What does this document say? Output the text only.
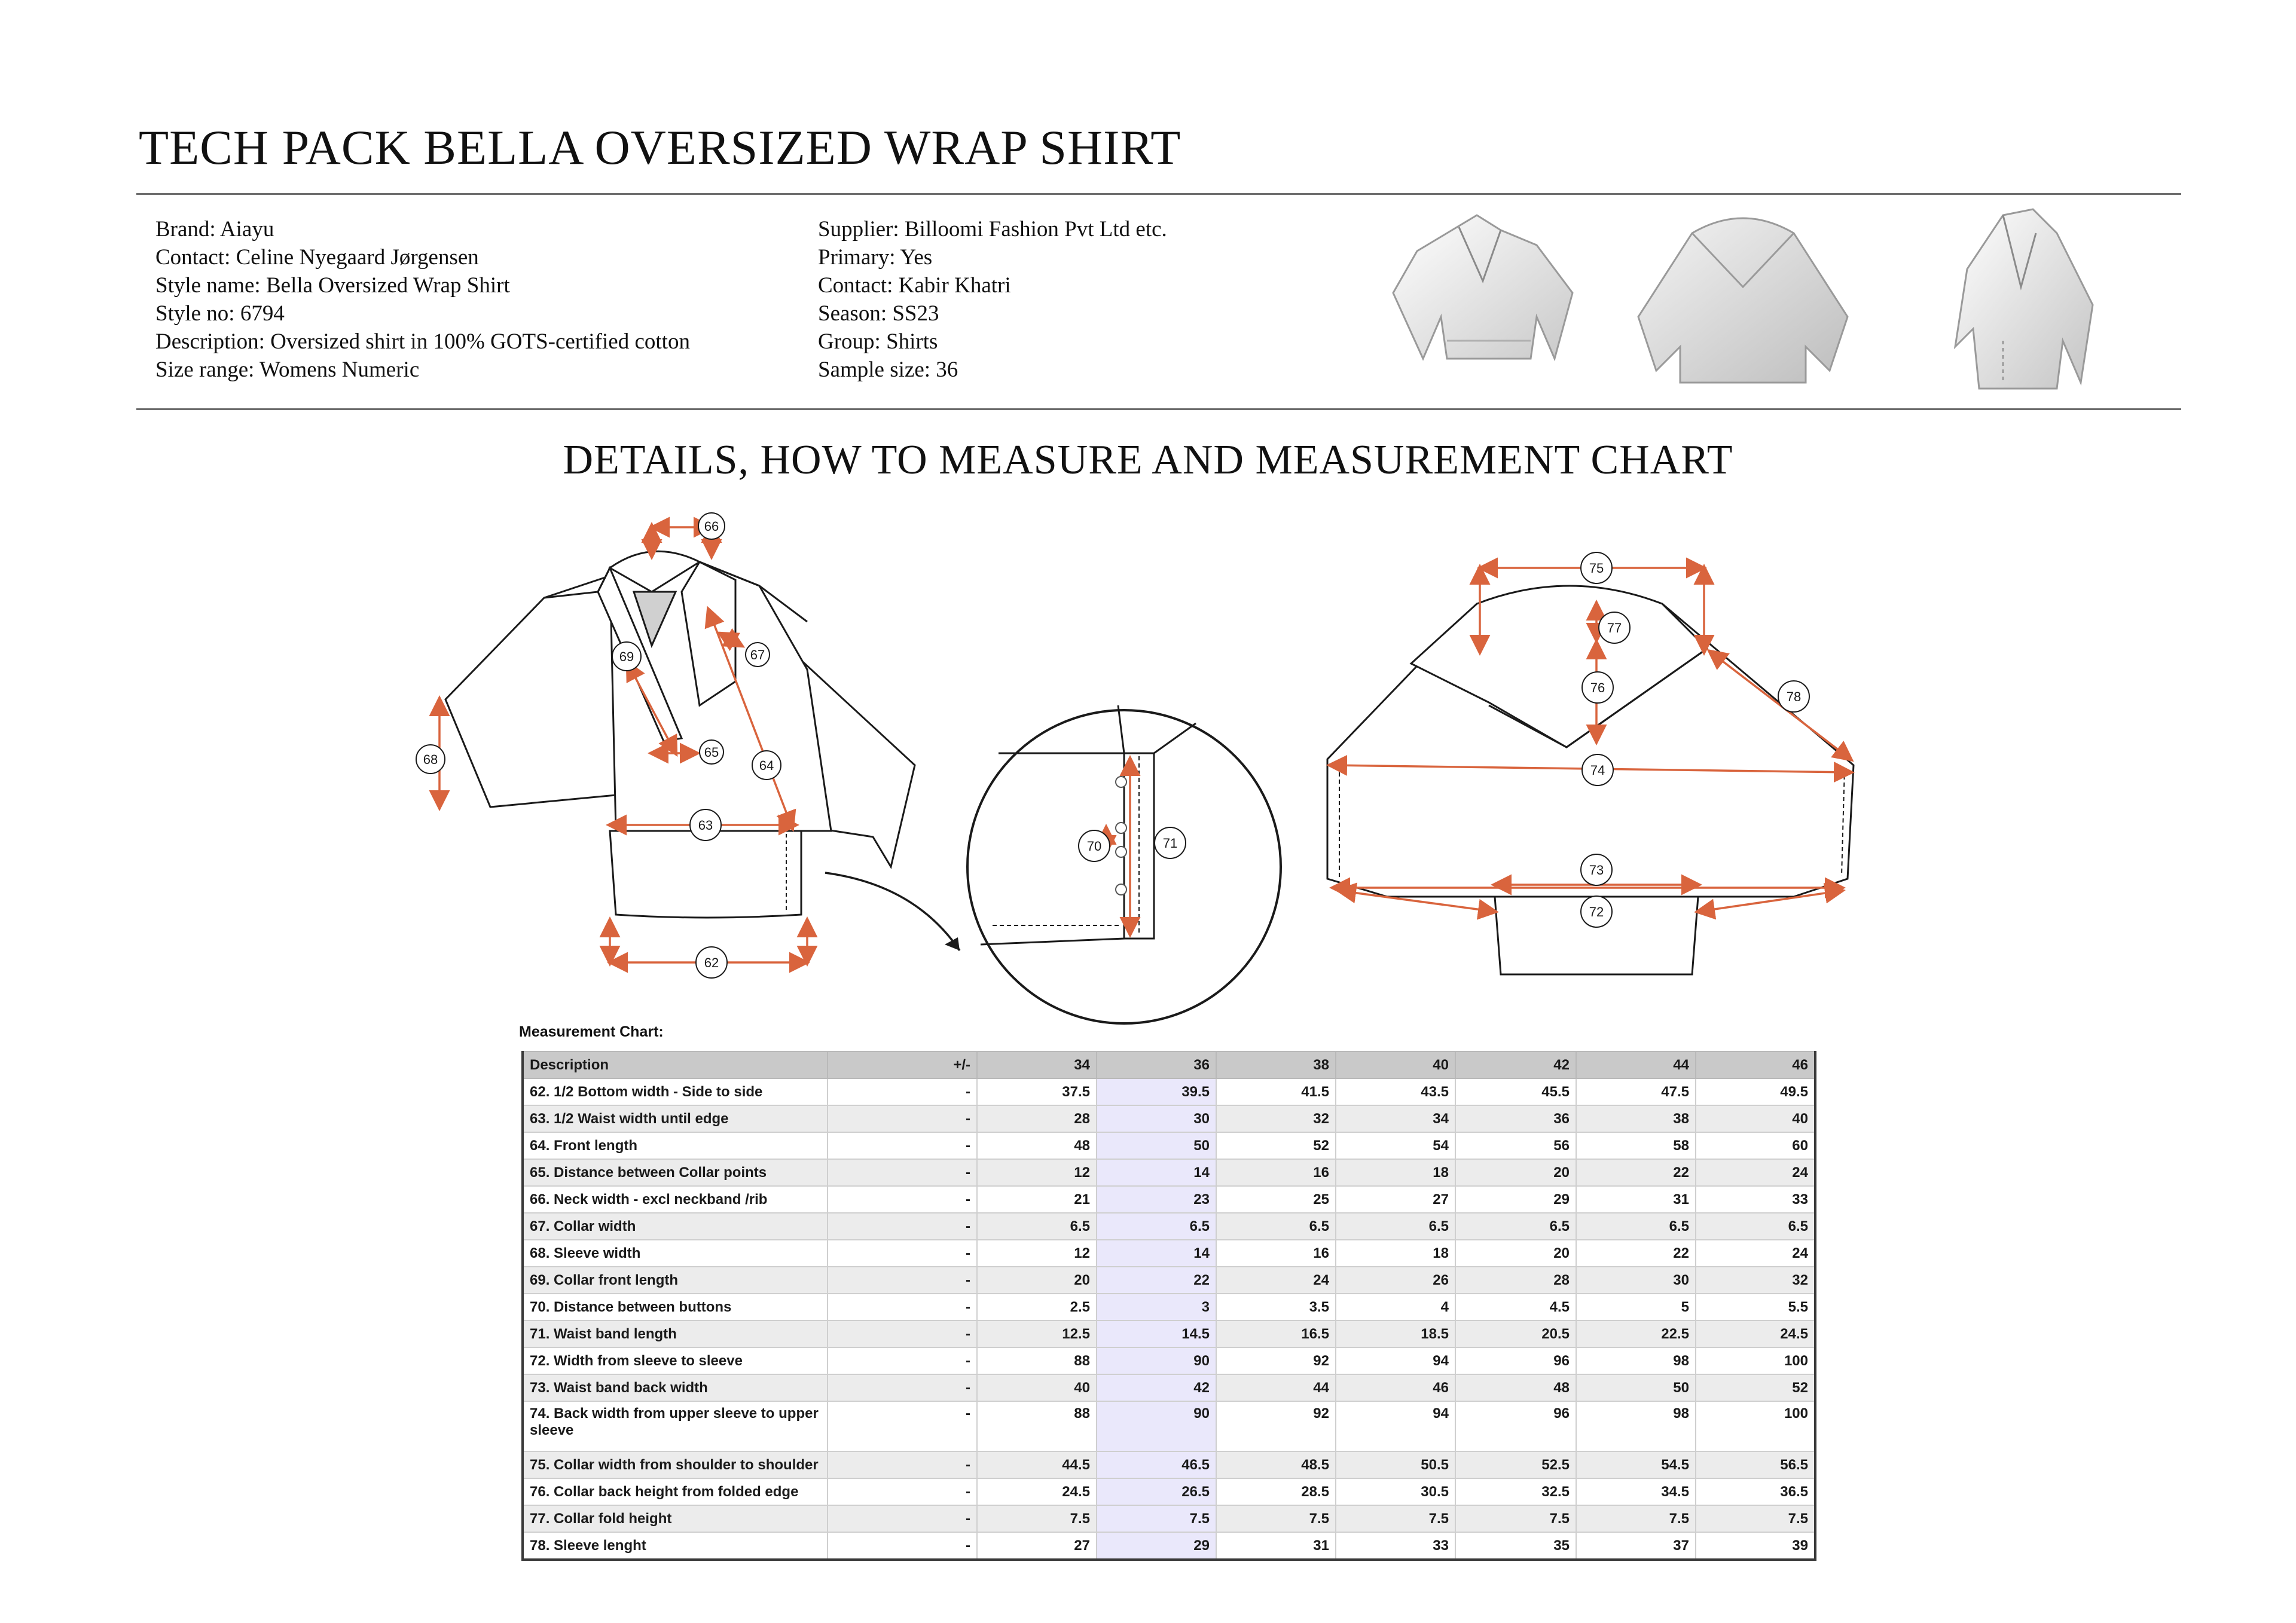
TECH PACK BELLA OVERSIZED WRAP SHIRT
Brand: Aiayu
Contact: Celine Nyegaard Jørgensen
Style name: Bella Oversized Wrap Shirt
Style no: 6794
Description: Oversized shirt in 100% GOTS-certified cotton
Size range: Womens Numeric
Supplier: Billoomi Fashion Pvt Ltd etc.
Primary: Yes
Contact: Kabir Khatri
Season: SS23
Group: Shirts
Sample size: 36
DETAILS, HOW TO MEASURE AND MEASUREMENT CHART
66
69	67
68	65
64
63
62
70	71
75
77
76
78
74
73
72
Measurement Chart:
Description	+/-	34	36	38	40	42	44	46
62. 1/2 Bottom width - Side to side	-	37.5	39.5	41.5	43.5	45.5	47.5	49.5
63. 1/2 Waist width until edge	-	28	30	32	34	36	38	40
64. Front length	-	48	50	52	54	56	58	60
65. Distance between Collar points	-	12	14	16	18	20	22	24
66. Neck width - excl neckband /rib	-	21	23	25	27	29	31	33
67. Collar width	-	6.5	6.5	6.5	6.5	6.5	6.5	6.5
68. Sleeve width	-	12	14	16	18	20	22	24
69. Collar front length	-	20	22	24	26	28	30	32
70. Distance between buttons	-	2.5	3	3.5	4	4.5	5	5.5
71. Waist band length	-	12.5	14.5	16.5	18.5	20.5	22.5	24.5
72. Width from sleeve to sleeve	-	88	90	92	94	96	98	100
73. Waist band back width	-	40	42	44	46	48	50	52
74. Back width from upper sleeve to upper sleeve	-	88	90	92	94	96	98	100
75. Collar width from shoulder to shoulder	-	44.5	46.5	48.5	50.5	52.5	54.5	56.5
76. Collar back height from folded edge	-	24.5	26.5	28.5	30.5	32.5	34.5	36.5
77. Collar fold height	-	7.5	7.5	7.5	7.5	7.5	7.5	7.5
78. Sleeve lenght	-	27	29	31	33	35	37	39
